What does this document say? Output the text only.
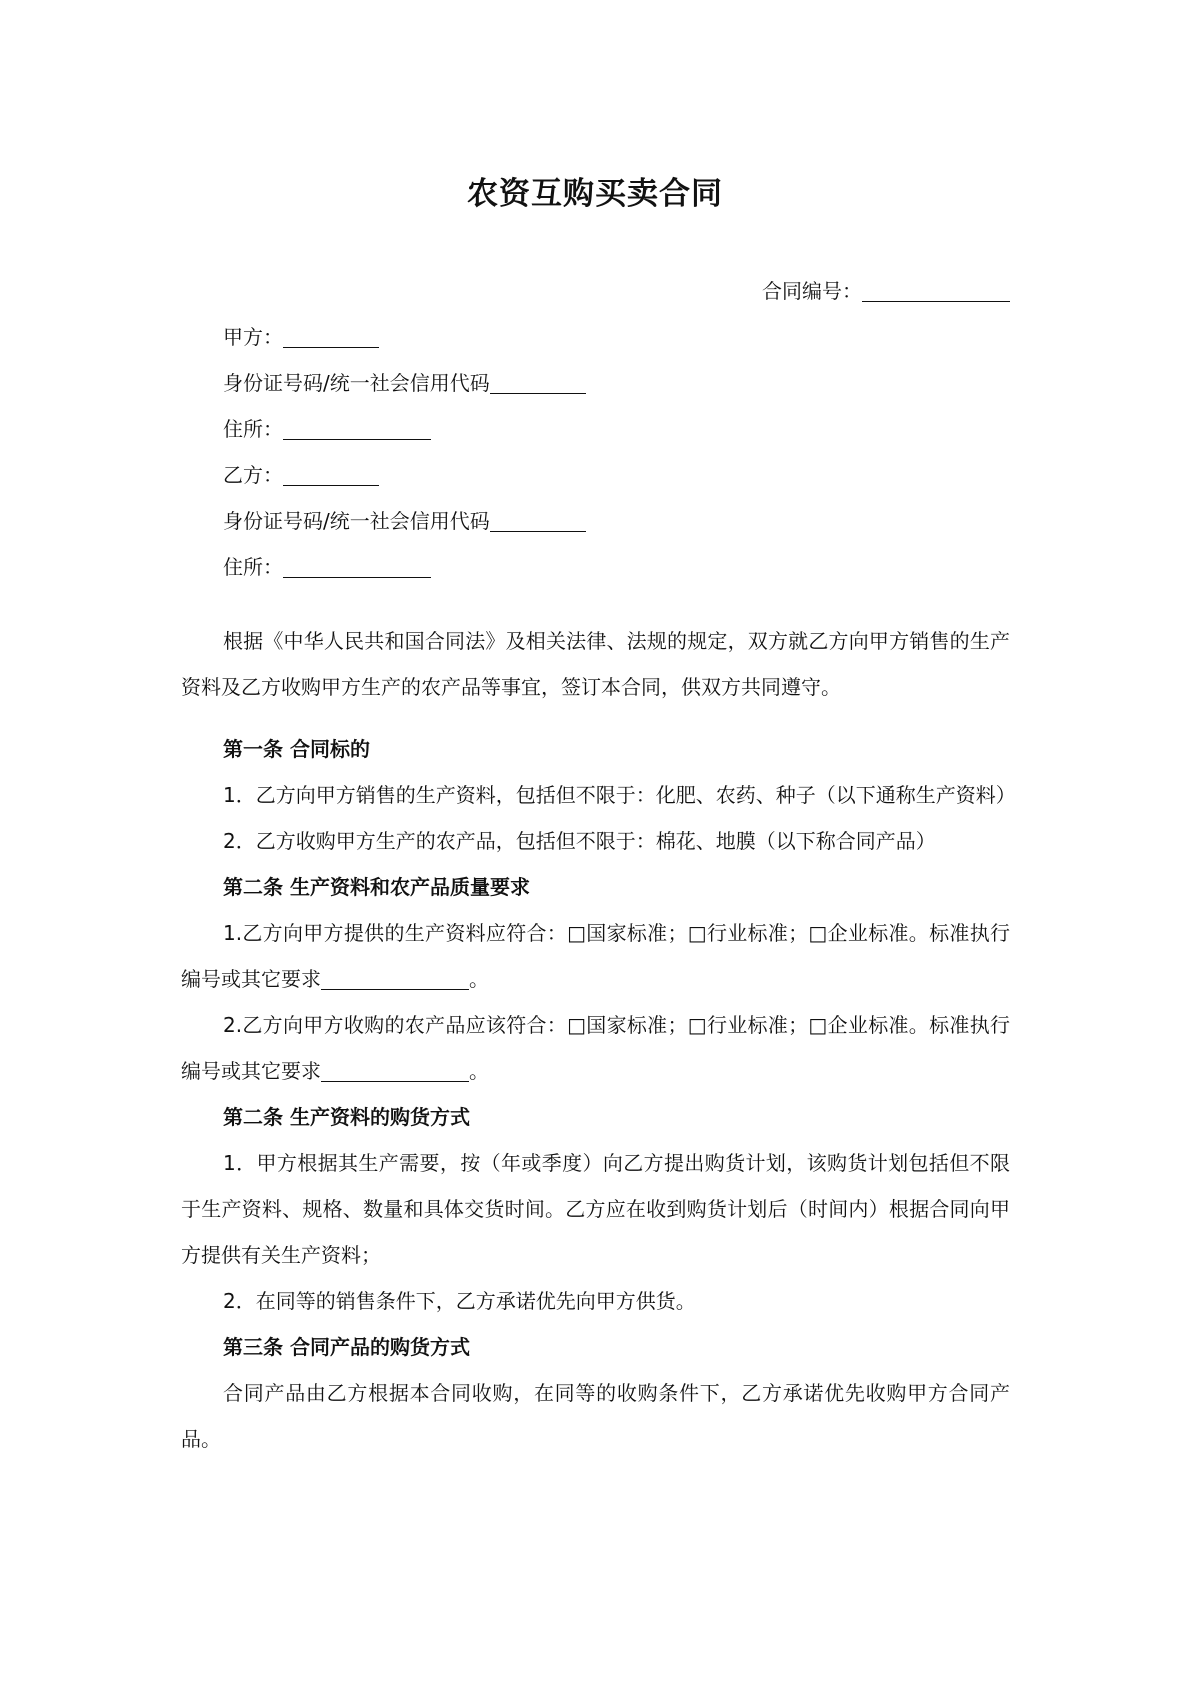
农资互购买卖合同
合同编号：
甲方：
身份证号码/统一社会信用代码
住所：
乙方：
身份证号码/统一社会信用代码
住所：

根据《中华人民共和国合同法》及相关法律、法规的规定，双方就乙方向甲方销售的生产资料及乙方收购甲方生产的农产品等事宜，签订本合同，供双方共同遵守。

第一条 合同标的

1．乙方向甲方销售的生产资料，包括但不限于：化肥、农药、种子（以下通称生产资料）

2．乙方收购甲方生产的农产品，包括但不限于：棉花、地膜（以下称合同产品）

第二条 生产资料和农产品质量要求

1.乙方向甲方提供的生产资料应符合：□国家标准；□行业标准；□企业标准。标准执行编号或其它要求	。

2.乙方向甲方收购的农产品应该符合：□国家标准；□行业标准；□企业标准。标准执行编号或其它要求	。

第二条 生产资料的购货方式

1．甲方根据其生产需要，按（年或季度）向乙方提出购货计划，该购货计划包括但不限于生产资料、规格、数量和具体交货时间。乙方应在收到购货计划后（时间内）根据合同向甲方提供有关生产资料；

2．在同等的销售条件下，乙方承诺优先向甲方供货。

第三条 合同产品的购货方式

合同产品由乙方根据本合同收购，在同等的收购条件下，乙方承诺优先收购甲方合同产品。
